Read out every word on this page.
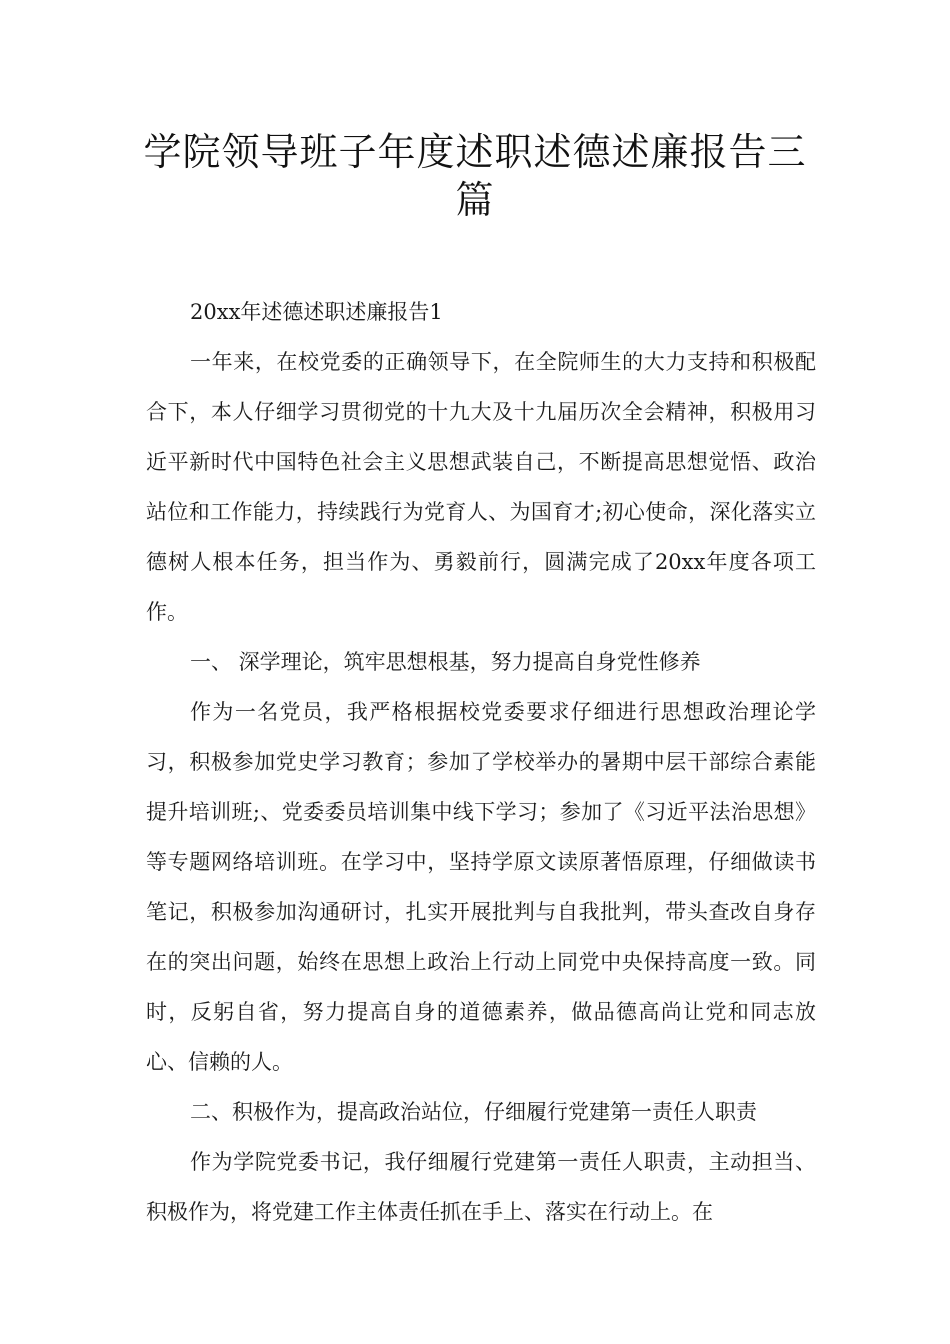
学院领导班子年度述职述德述廉报告三篇

20xx年述德述职述廉报告1

一年来，在校党委的正确领导下，在全院师生的大力支持和积极配合下，本人仔细学习贯彻党的十九大及十九届历次全会精神，积极用习近平新时代中国特色社会主义思想武装自己，不断提高思想觉悟、政治站位和工作能力，持续践行为党育人、为国育才;初心使命，深化落实立德树人根本任务，担当作为、勇毅前行，圆满完成了20xx年度各项工作。

一、 深学理论，筑牢思想根基，努力提高自身党性修养

作为一名党员，我严格根据校党委要求仔细进行思想政治理论学习，积极参加党史学习教育；参加了学校举办的暑期中层干部综合素能提升培训班;、党委委员培训集中线下学习；参加了《习近平法治思想》等专题网络培训班。在学习中，坚持学原文读原著悟原理，仔细做读书笔记，积极参加沟通研讨，扎实开展批判与自我批判，带头查改自身存在的突出问题，始终在思想上政治上行动上同党中央保持高度一致。同时，反躬自省，努力提高自身的道德素养，做品德高尚让党和同志放心、信赖的人。

二、积极作为，提高政治站位，仔细履行党建第一责任人职责

作为学院党委书记，我仔细履行党建第一责任人职责，主动担当、积极作为，将党建工作主体责任抓在手上、落实在行动上。在
